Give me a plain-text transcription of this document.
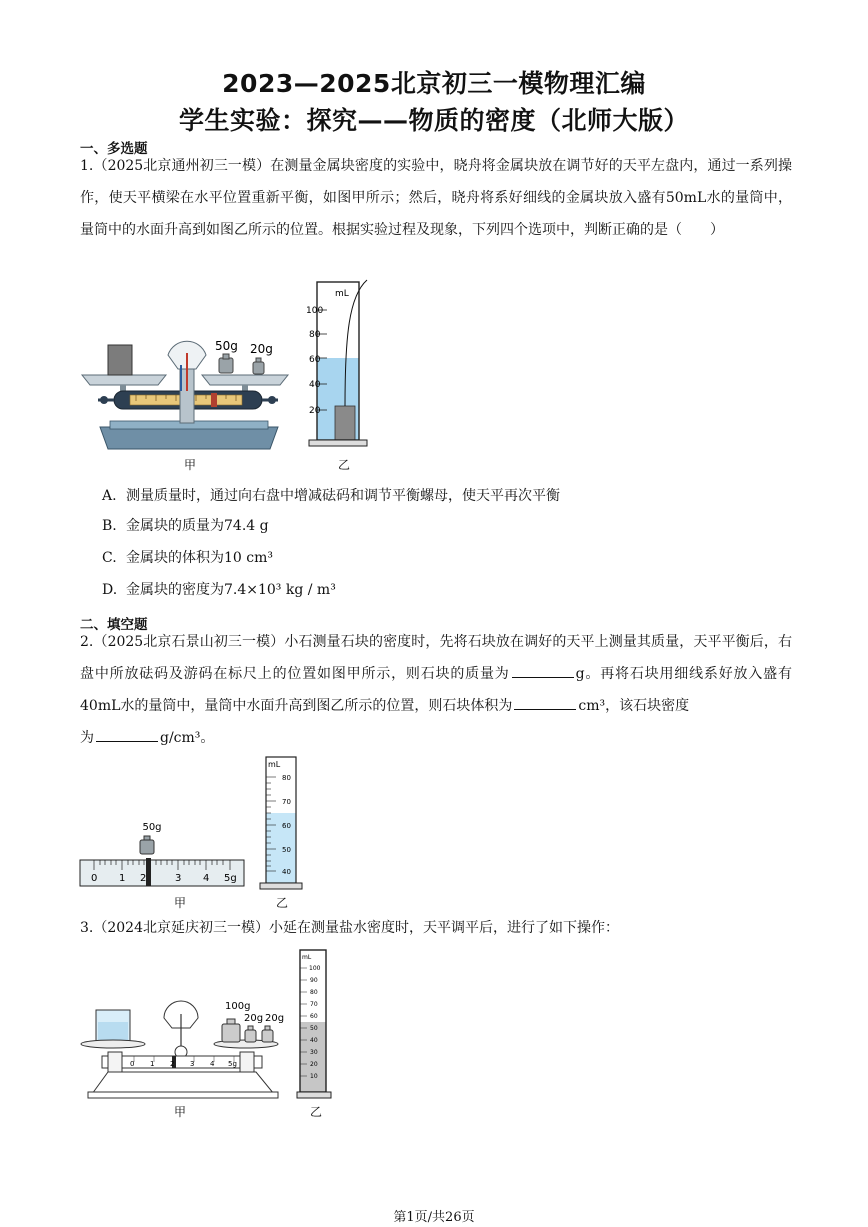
2023—2025北京初三一模物理汇编
学生实验：探究——物质的密度（北师大版）
一、多选题
1.（2025北京通州初三一模）在测量金属块密度的实验中，晓舟将金属块放在调节好的天平左盘内，通过一系列操作，使天平横梁在水平位置重新平衡，如图甲所示；然后，晓舟将系好细线的金属块放入盛有50mL水的量筒中，量筒中的水面升高到如图乙所示的位置。根据实验过程及现象，下列四个选项中，判断正确的是（　　）
50g 20g
甲
mL
100
80
60
40
20
乙
A. 测量质量时，通过向右盘中增减砝码和调节平衡螺母，使天平再次平衡
B. 金属块的质量为74.4 g
C. 金属块的体积为10 cm³
D. 金属块的密度为7.4×10³ kg / m³
二、填空题
2.（2025北京石景山初三一模）小石测量石块的密度时，先将石块放在调好的天平上测量其质量，天平平衡后，右盘中所放砝码及游码在标尺上的位置如图甲所示，则石块的质量为	g。再将石块用细线系好放入盛有40mL水的量筒中，量筒中水面升高到图乙所示的位置，则石块体积为	cm³，该石块密度
为	g/cm³。
50g
0 1 2	3 4 5g
甲
mL
80
70
60
50
40
乙
3.（2024北京延庆初三一模）小延在测量盐水密度时，天平调平后，进行了如下操作：
0 1 2 3 4 5g
100g
20g 20g
甲
mL
100
90
80
70
60
50
40
30
20
10
乙
第1页/共26页
